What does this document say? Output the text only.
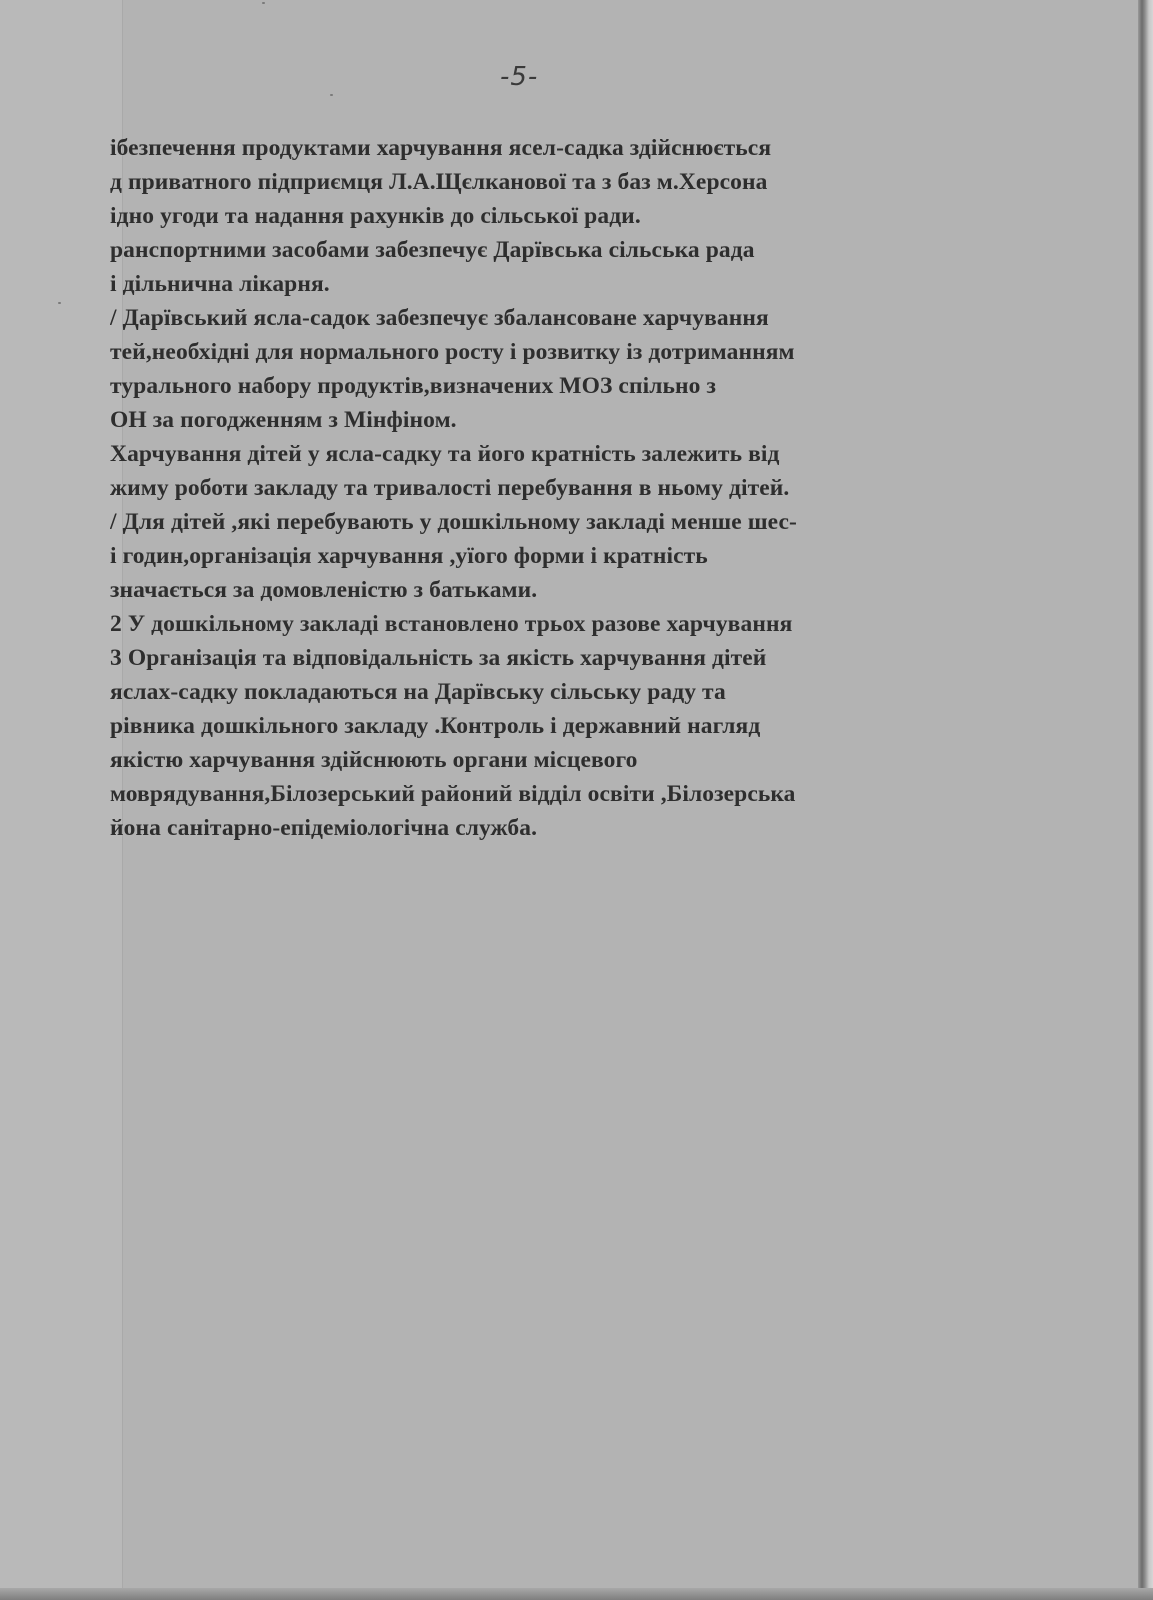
-5-
ібезпечення продуктами харчування ясел-садка здійснюється
д приватного підприємця Л.А.Щєлканової та з баз м.Херсона
ідно угоди та надання рахунків до сільської ради.
ранспортними засобами забезпечує Дарївська сільська рада
і дільнична лікарня.
/ Дарївський ясла-садок забезпечує збалансоване харчування
тей,необхідні для нормального росту і розвитку із дотриманням
турального набору продуктів,визначених МОЗ спільно з
ОН за погодженням з Мінфіном.
Харчування дітей у ясла-садку та його кратність залежить від
жиму роботи закладу та тривалості перебування в ньому дітей.
/ Для дітей ,які перебувають у дошкільному закладі менше шес-
і годин,організація харчування ,уїого форми і кратність
значається за домовленістю з батьками.
2 У дошкільному закладі встановлено трьох разове харчування
3 Організація та відповідальність за якість харчування дітей
яслах-садку покладаються на Дарївську сільську раду та
рівника дошкільного закладу .Контроль і державний нагляд
якістю харчування здійснюють органи місцевого
моврядування,Білозерський районий відділ освіти ,Білозерська
йона санітарно-епідеміологічна служба.
